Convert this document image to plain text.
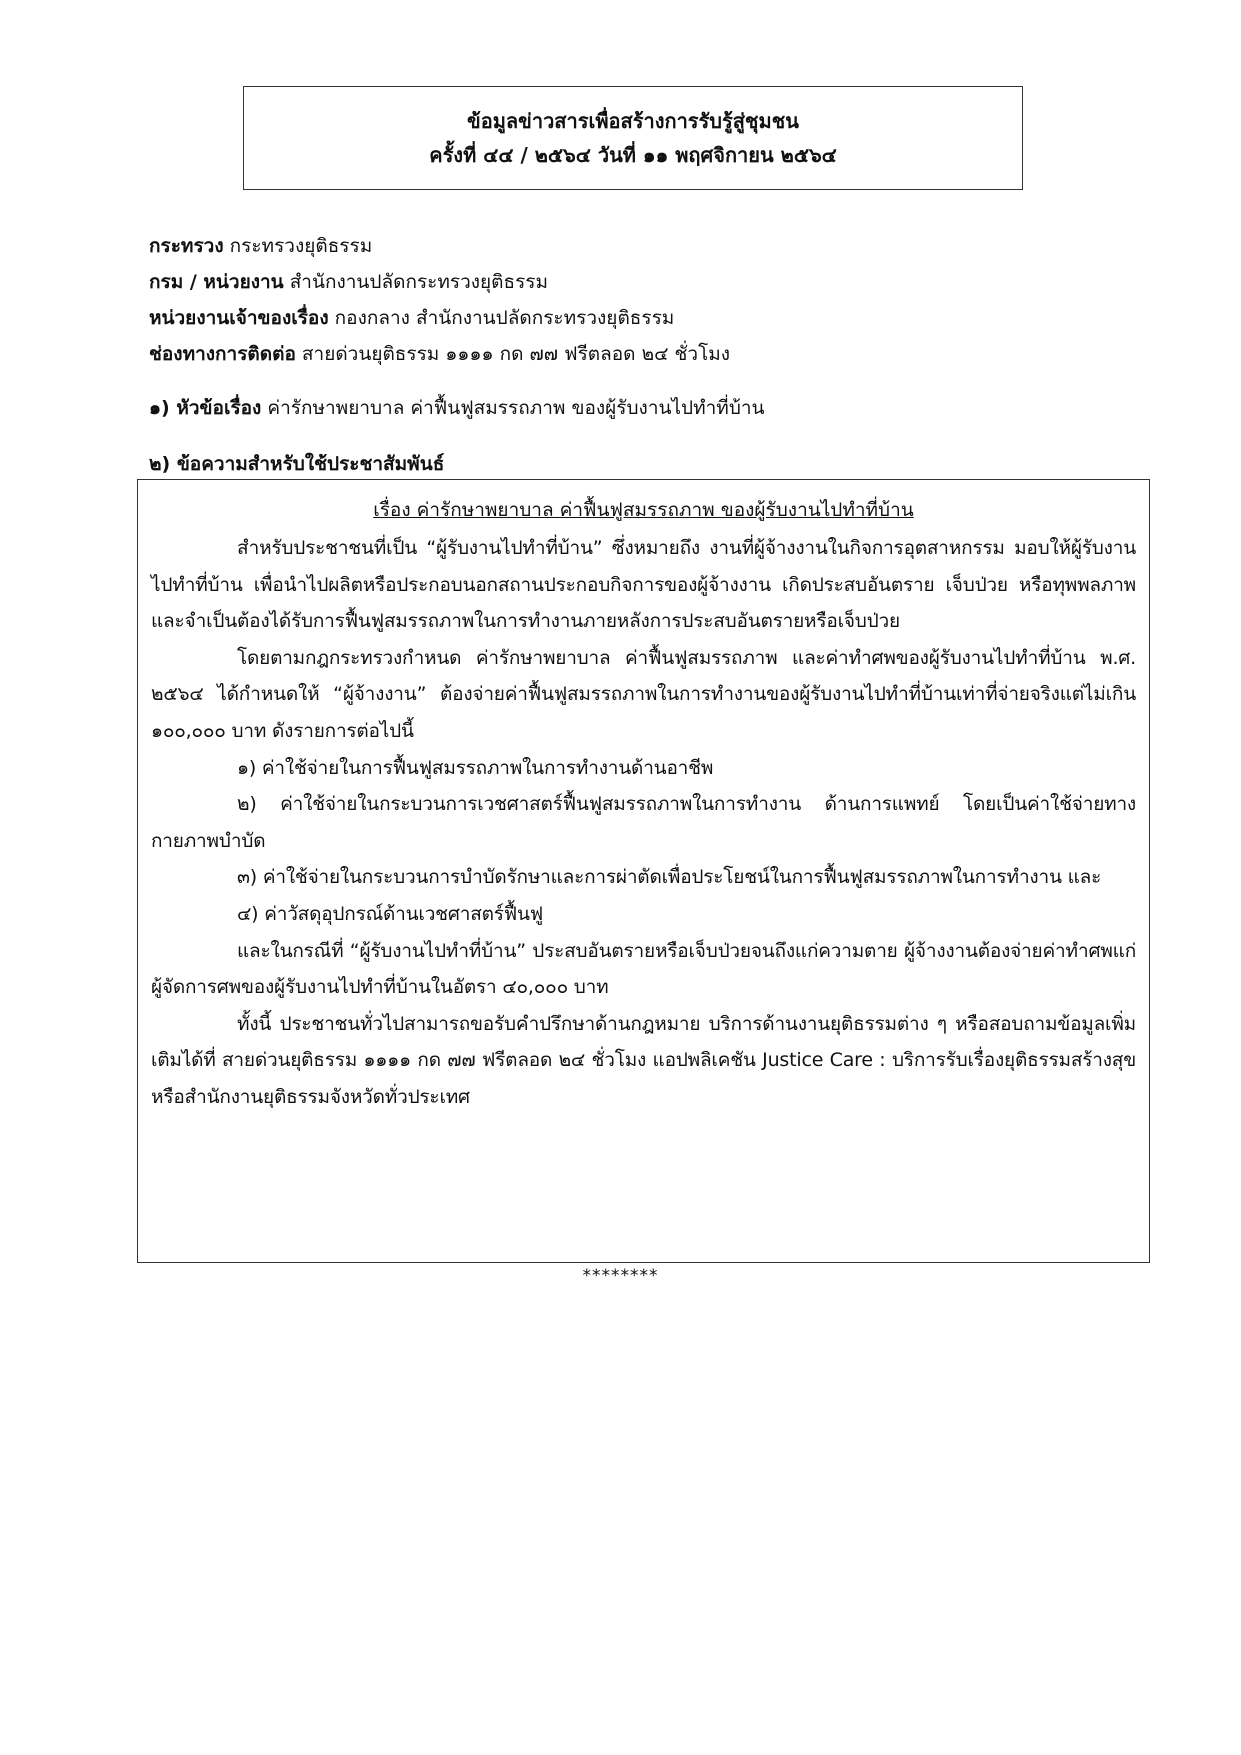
ข้อมูลข่าวสารเพื่อสร้างการรับรู้สู่ชุมชน
ครั้งที่ ๔๔ / ๒๕๖๔ วันที่ ๑๑ พฤศจิกายน ๒๕๖๔
กระทรวง กระทรวงยุติธรรม
กรม / หน่วยงาน สำนักงานปลัดกระทรวงยุติธรรม
หน่วยงานเจ้าของเรื่อง กองกลาง สำนักงานปลัดกระทรวงยุติธรรม
ช่องทางการติดต่อ สายด่วนยุติธรรม ๑๑๑๑ กด ๗๗ ฟรีตลอด ๒๔ ชั่วโมง
๑) หัวข้อเรื่อง ค่ารักษาพยาบาล ค่าฟื้นฟูสมรรถภาพ ของผู้รับงานไปทำที่บ้าน
๒) ข้อความสำหรับใช้ประชาสัมพันธ์
เรื่อง ค่ารักษาพยาบาล ค่าฟื้นฟูสมรรถภาพ ของผู้รับงานไปทำที่บ้าน

สำหรับประชาชนที่เป็น “ผู้รับงานไปทำที่บ้าน” ซึ่งหมายถึง งานที่ผู้จ้างงานในกิจการอุตสาหกรรม มอบให้ผู้รับงานไปทำที่บ้าน เพื่อนำไปผลิตหรือประกอบนอกสถานประกอบกิจการของผู้จ้างงาน เกิดประสบอันตราย เจ็บป่วย หรือทุพพลภาพ และจำเป็นต้องได้รับการฟื้นฟูสมรรถภาพในการทำงานภายหลังการประสบอันตรายหรือเจ็บป่วย

โดยตามกฎกระทรวงกำหนด ค่ารักษาพยาบาล ค่าฟื้นฟูสมรรถภาพ และค่าทำศพของผู้รับงานไปทำที่บ้าน พ.ศ. ๒๕๖๔ ได้กำหนดให้ “ผู้จ้างงาน” ต้องจ่ายค่าฟื้นฟูสมรรถภาพในการทำงานของผู้รับงานไปทำที่บ้านเท่าที่จ่ายจริงแต่ไม่เกิน ๑๐๐,๐๐๐ บาท ดังรายการต่อไปนี้

๑) ค่าใช้จ่ายในการฟื้นฟูสมรรถภาพในการทำงานด้านอาชีพ

๒) ค่าใช้จ่ายในกระบวนการเวชศาสตร์ฟื้นฟูสมรรถภาพในการทำงาน ด้านการแพทย์ โดยเป็นค่าใช้จ่ายทางกายภาพบำบัด

๓) ค่าใช้จ่ายในกระบวนการบำบัดรักษาและการผ่าตัดเพื่อประโยชน์ในการฟื้นฟูสมรรถภาพในการทำงาน และ

๔) ค่าวัสดุอุปกรณ์ด้านเวชศาสตร์ฟื้นฟู

และในกรณีที่ “ผู้รับงานไปทำที่บ้าน” ประสบอันตรายหรือเจ็บป่วยจนถึงแก่ความตาย ผู้จ้างงานต้องจ่ายค่าทำศพแก่ผู้จัดการศพของผู้รับงานไปทำที่บ้านในอัตรา ๔๐,๐๐๐ บาท

ทั้งนี้ ประชาชนทั่วไปสามารถขอรับคำปรึกษาด้านกฎหมาย บริการด้านงานยุติธรรมต่าง ๆ หรือสอบถามข้อมูลเพิ่มเติมได้ที่ สายด่วนยุติธรรม ๑๑๑๑ กด ๗๗ ฟรีตลอด ๒๔ ชั่วโมง แอปพลิเคชัน Justice Care : บริการรับเรื่องยุติธรรมสร้างสุข หรือสำนักงานยุติธรรมจังหวัดทั่วประเทศ

********
